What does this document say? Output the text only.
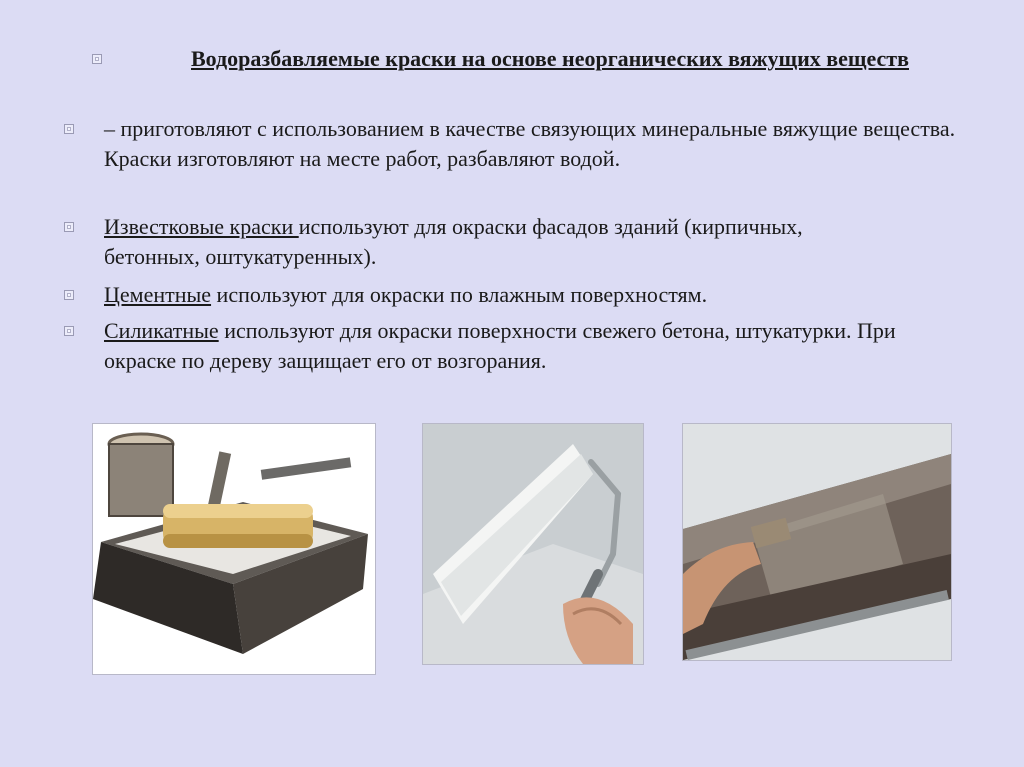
Водоразбавляемые краски на основе неорганических вяжущих веществ
– приготовляют с использованием в качестве связующих минеральные вяжущие вещества. Краски изготовляют на месте работ, разбавляют водой.
Известковые краски используют для окраски фасадов зданий (кирпичных, бетонных, оштукатуренных).
Цементные используют для окраски по влажным поверхностям.
Силикатные используют для окраски поверхности свежего бетона, штукатурки. При окраске по дереву защищает его от возгорания.
